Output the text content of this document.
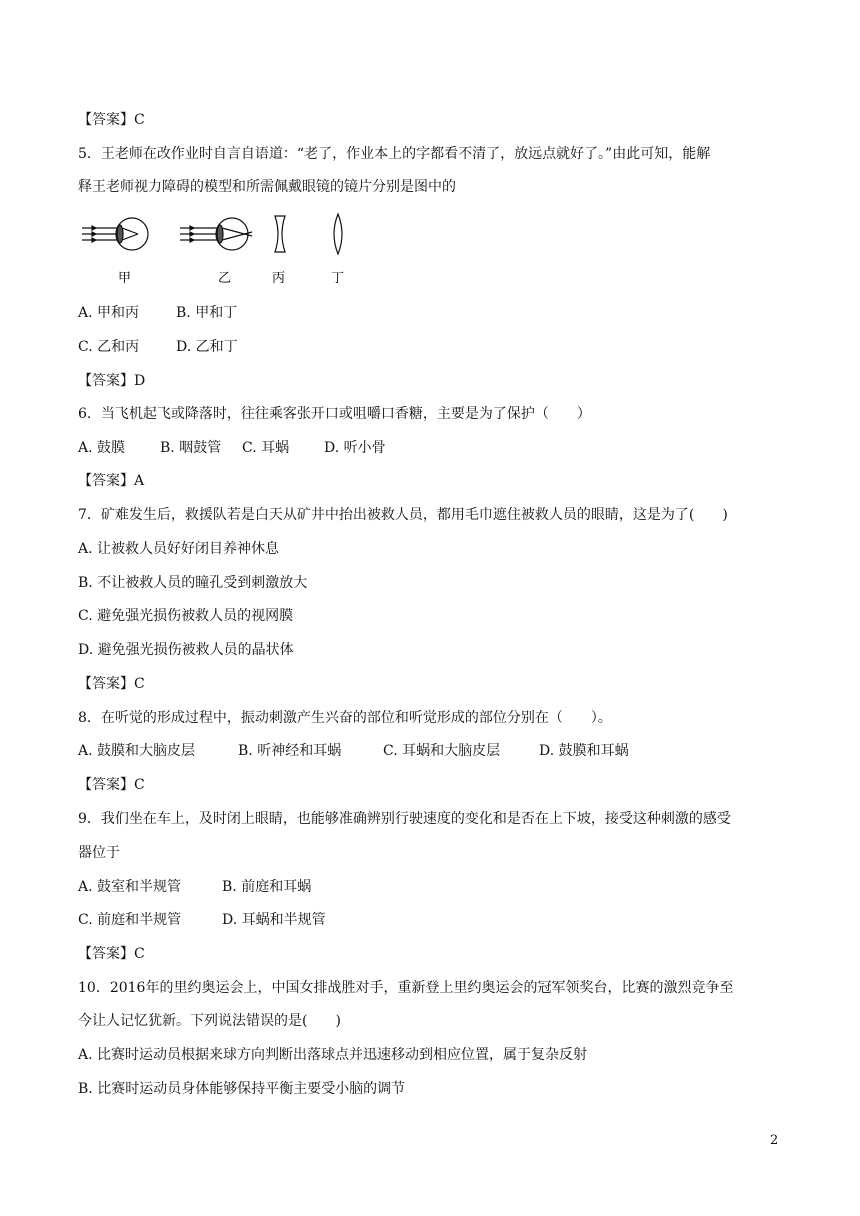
【答案】C
5．王老师在改作业时自言自语道：“老了，作业本上的字都看不清了，放远点就好了。”由此可知，能解
释王老师视力障碍的模型和所需佩戴眼镜的镜片分别是图中的
甲	乙	丙	丁
A. 甲和丙	B. 甲和丁
C. 乙和丙	D. 乙和丁
【答案】D
6．当飞机起飞或降落时，往往乘客张开口或咀嚼口香糖，主要是为了保护（　　）
A. 鼓膜 B. 咽鼓管 C. 耳蜗 D. 听小骨
【答案】A
7．矿难发生后，救援队若是白天从矿井中抬出被救人员，都用毛巾遮住被救人员的眼睛，这是为了(　　)
A. 让被救人员好好闭目养神休息
B. 不让被救人员的瞳孔受到刺激放大
C. 避免强光损伤被救人员的视网膜
D. 避免强光损伤被救人员的晶状体
【答案】C
8．在听觉的形成过程中，振动刺激产生兴奋的部位和听觉形成的部位分别在（　　）。
A. 鼓膜和大脑皮层	B. 听神经和耳蜗	C. 耳蜗和大脑皮层	D. 鼓膜和耳蜗
【答案】C
9．我们坐在车上，及时闭上眼睛，也能够准确辨别行驶速度的变化和是否在上下坡，接受这种刺激的感受
器位于
A. 鼓室和半规管	B. 前庭和耳蜗
C. 前庭和半规管	D. 耳蜗和半规管
【答案】C
10．2016年的里约奥运会上，中国女排战胜对手，重新登上里约奥运会的冠军领奖台，比赛的激烈竞争至
今让人记忆犹新。下列说法错误的是(　　)
A. 比赛时运动员根据来球方向判断出落球点并迅速移动到相应位置，属于复杂反射
B. 比赛时运动员身体能够保持平衡主要受小脑的调节
2
